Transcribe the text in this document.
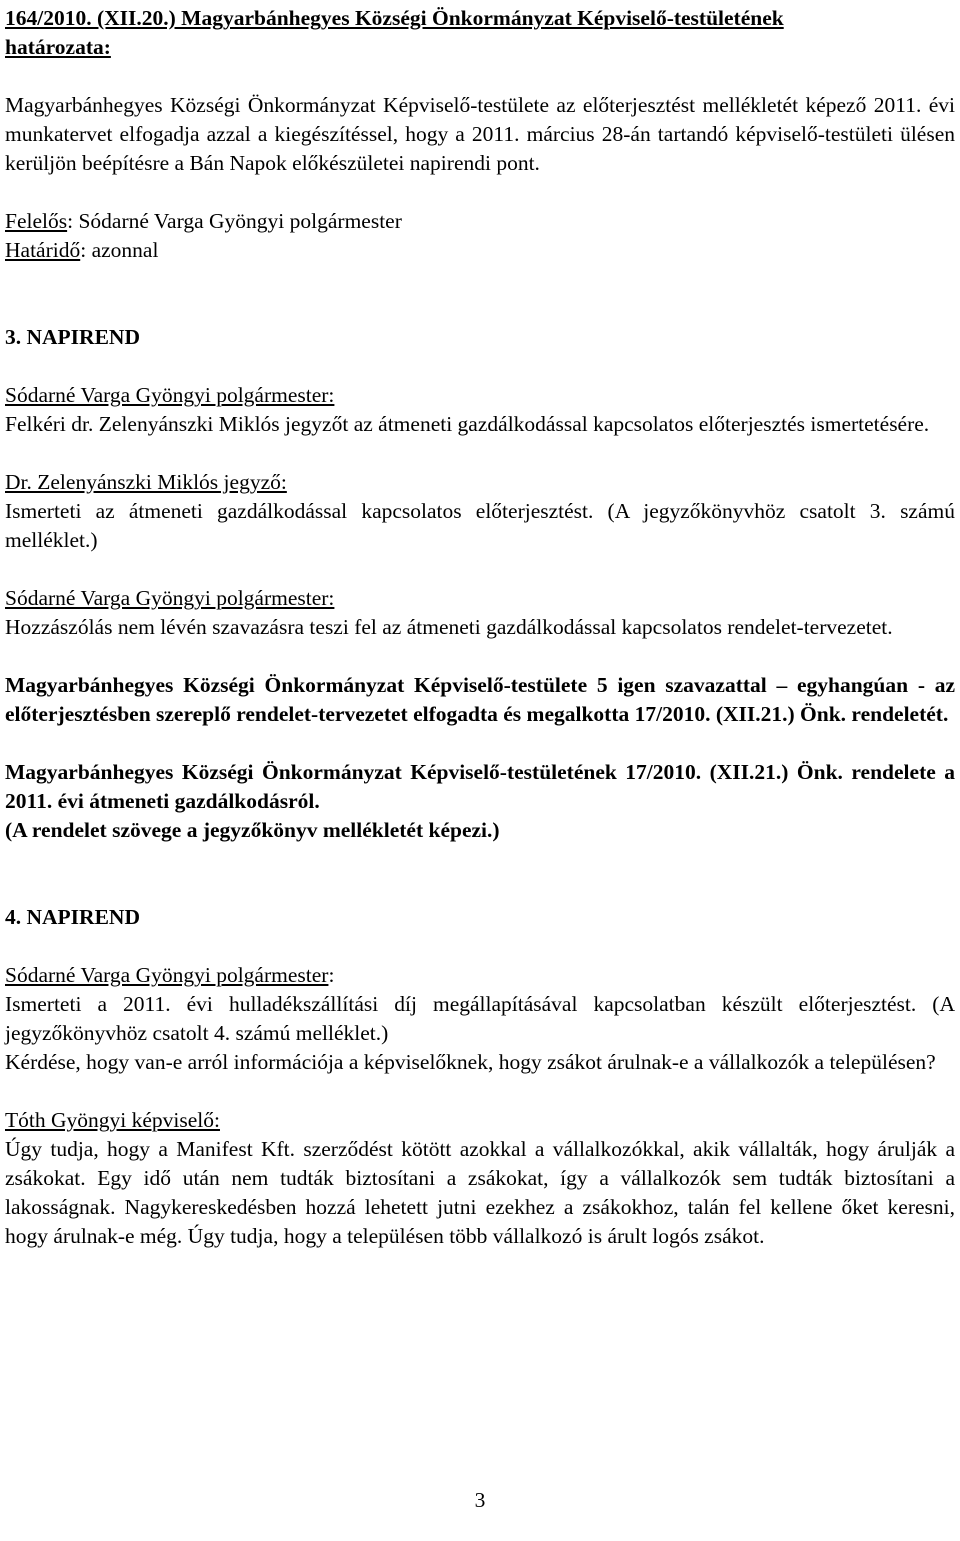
164/2010. (XII.20.) Magyarbánhegyes Községi Önkormányzat Képviselő-testületének
határozata:

Magyarbánhegyes Községi Önkormányzat Képviselő-testülete az előterjesztést mellékletét képező 2011. évi munkatervet elfogadja azzal a kiegészítéssel, hogy a 2011. március 28-án tartandó képviselő-testületi ülésen kerüljön beépítésre a Bán Napok előkészületei napirendi pont.

Felelős: Sódarné Varga Gyöngyi polgármester

Határidő: azonnal

3. NAPIREND

Sódarné Varga Gyöngyi polgármester:

Felkéri dr. Zelenyánszki Miklós jegyzőt az átmeneti gazdálkodással kapcsolatos előterjesztés ismertetésére.

Dr. Zelenyánszki Miklós jegyző:

Ismerteti az átmeneti gazdálkodással kapcsolatos előterjesztést. (A jegyzőkönyvhöz csatolt 3. számú melléklet.)

Sódarné Varga Gyöngyi polgármester:

Hozzászólás nem lévén szavazásra teszi fel az átmeneti gazdálkodással kapcsolatos rendelet-tervezetet.

Magyarbánhegyes Községi Önkormányzat Képviselő-testülete 5 igen szavazattal – egyhangúan - az előterjesztésben szereplő rendelet-tervezetet elfogadta és megalkotta 17/2010. (XII.21.) Önk. rendeletét.

Magyarbánhegyes Községi Önkormányzat Képviselő-testületének 17/2010. (XII.21.) Önk. rendelete a 2011. évi átmeneti gazdálkodásról.
(A rendelet szövege a jegyzőkönyv mellékletét képezi.)

4. NAPIREND

Sódarné Varga Gyöngyi polgármester:

Ismerteti a 2011. évi hulladékszállítási díj megállapításával kapcsolatban készült előterjesztést. (A jegyzőkönyvhöz csatolt 4. számú melléklet.)

Kérdése, hogy van-e arról információja a képviselőknek, hogy zsákot árulnak-e a vállalkozók a településen?

Tóth Gyöngyi képviselő:

Úgy tudja, hogy a Manifest Kft. szerződést kötött azokkal a vállalkozókkal, akik vállalták, hogy árulják a zsákokat. Egy idő után nem tudták biztosítani a zsákokat, így a vállalkozók sem tudták biztosítani a lakosságnak. Nagykereskedésben hozzá lehetett jutni ezekhez a zsákokhoz, talán fel kellene őket keresni, hogy árulnak-e még. Úgy tudja, hogy a településen több vállalkozó is árult logós zsákot.

3
